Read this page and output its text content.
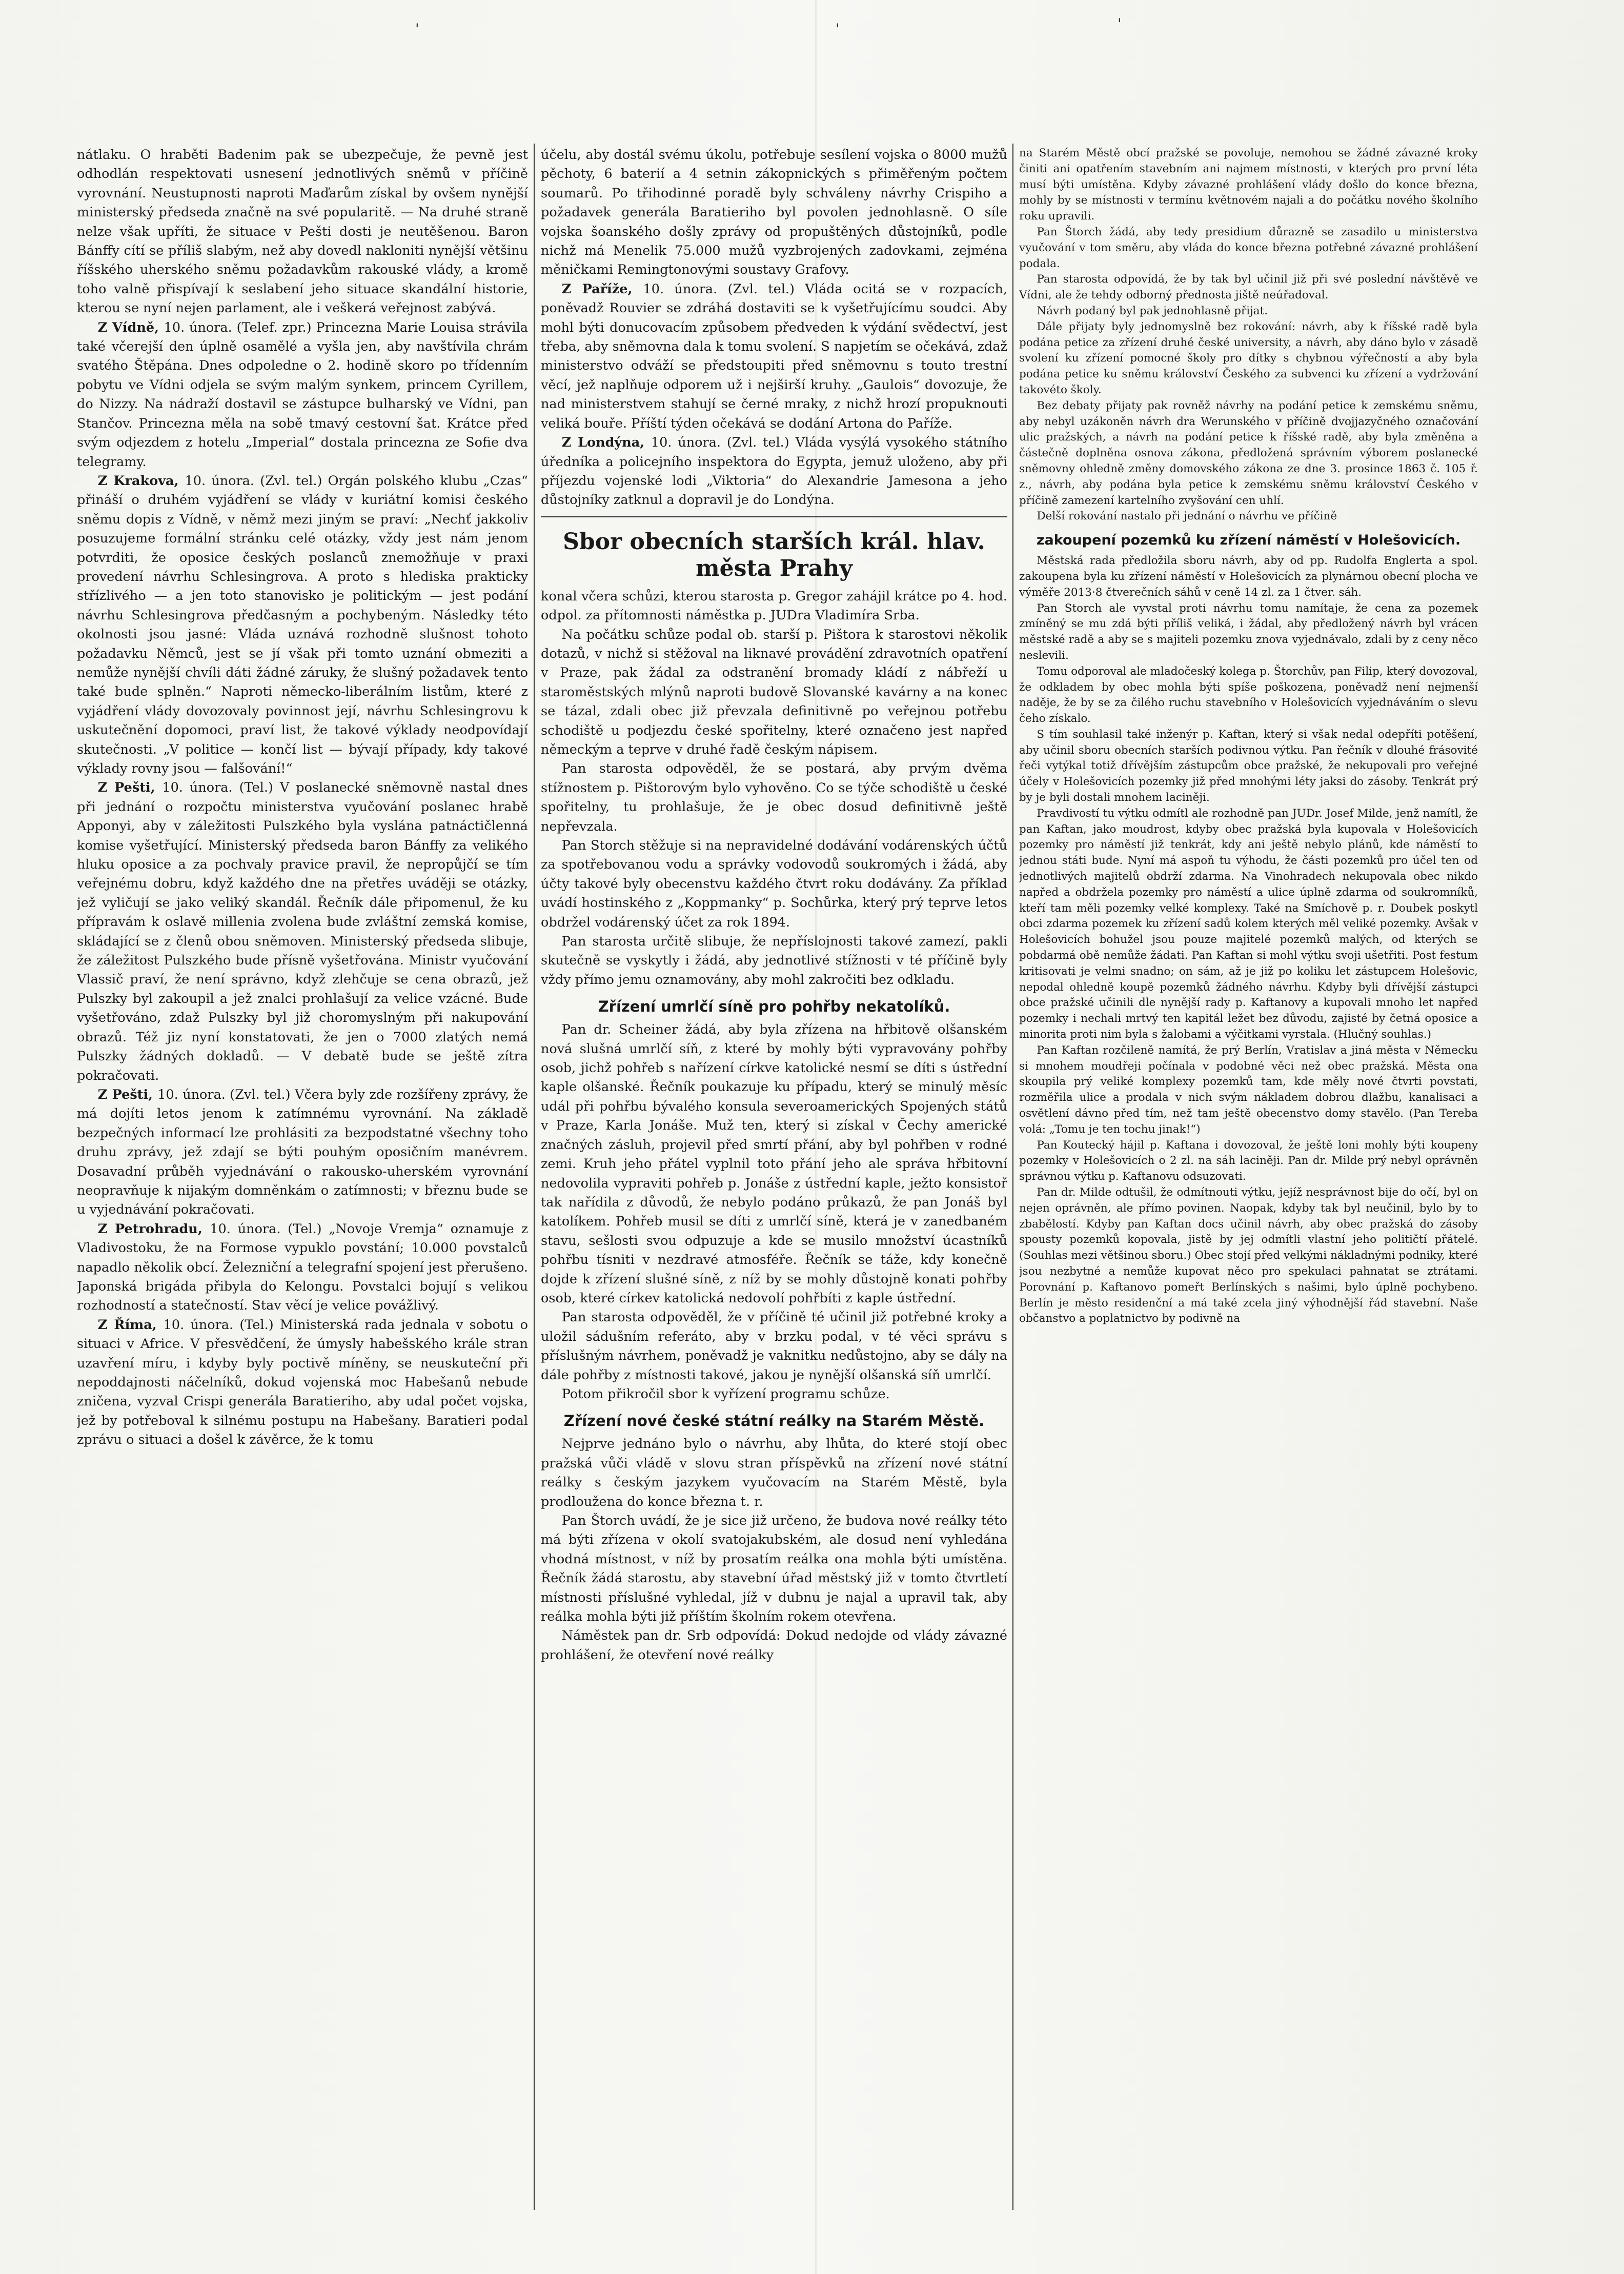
'	'	'

nátlaku. O hraběti Badenim pak se ubezpečuje, že pevně jest odhodlán respektovati usnesení jednotlivých sněmů v příčině vyrovnání. Neustupnosti naproti Maďarům získal by ovšem nynější ministerský předseda značně na své popularitě. — Na druhé straně nelze však upříti, že situace v Pešti dosti je neutěšenou. Baron Bánffy cítí se příliš slabým, než aby dovedl nakloniti nynější většinu říšského uherského sněmu požadavkům rakouské vlády, a kromě toho valně přispívají k seslabení jeho situace skandální historie, kterou se nyní nejen parlament, ale i veškerá veřejnost zabývá.

Z Vídně, 10. února. (Telef. zpr.) Princezna Marie Louisa strávila také včerejší den úplně osamělé a vyšla jen, aby navštívila chrám svatého Štěpána. Dnes odpoledne o 2. hodině skoro po třídenním pobytu ve Vídni odjela se svým malým synkem, princem Cyrillem, do Nizzy. Na nádraží dostavil se zástupce bulharský ve Vídni, pan Stančov. Princezna měla na sobě tmavý cestovní šat. Krátce před svým odjezdem z hotelu „Imperial“ dostala princezna ze Sofie dva telegramy.

Z Krakova, 10. února. (Zvl. tel.) Orgán polského klubu „Czas“ přináší o druhém vyjádření se vlády v kuriátní komisi českého sněmu dopis z Vídně, v němž mezi jiným se praví: „Nechť jakkoliv posuzujeme formální stránku celé otázky, vždy jest nám jenom potvrditi, že oposice českých poslanců znemožňuje v praxi provedení návrhu Schlesingrova. A proto s hlediska prakticky střízlivého — a jen toto stanovisko je politickým — jest podání návrhu Schlesingrova předčasným a pochybeným. Následky této okolnosti jsou jasné: Vláda uznává rozhodně slušnost tohoto požadavku Němců, jest se jí však při tomto uznání obmeziti a nemůže nynější chvíli dáti žádné záruky, že slušný požadavek tento také bude splněn.“ Naproti německo-liberálním listům, které z vyjádření vlády dovozovaly povinnost její, návrhu Schlesingrovu k uskutečnění dopomoci, praví list, že takové výklady neodpovídají skutečnosti. „V politice — končí list — bývají případy, kdy takové výklady rovny jsou — falšování!“

Z Pešti, 10. února. (Tel.) V poslanecké sněmovně nastal dnes při jednání o rozpočtu ministerstva vyučování poslanec hrabě Apponyi, aby v záležitosti Pulszkého byla vyslána patnáctičlenná komise vyšetřující. Ministerský předseda baron Bánffy za velikého hluku oposice a za pochvaly pravice pravil, že nepropůjčí se tím veřejnému dobru, když každého dne na přetřes uváději se otázky, jež vyličují se jako veliký skandál. Řečník dále připomenul, že ku přípravám k oslavě millenia zvolena bude zvláštní zemská komise, skládající se z členů obou sněmoven. Ministerský předseda slibuje, že záležitost Pulszkého bude přísně vyšetřována. Ministr vyučování Vlassič praví, že není správno, když zlehčuje se cena obrazů, jež Pulszky byl zakoupil a jež znalci prohlašují za velice vzácné. Bude vyšetřováno, zdaž Pulszky byl již choromyslným při nakupování obrazů. Též jiz nyní konstatovati, že jen o 7000 zlatých nemá Pulszky žádných dokladů. — V debatě bude se ještě zítra pokračovati.

Z Pešti, 10. února. (Zvl. tel.) Včera byly zde rozšířeny zprávy, že má dojíti letos jenom k zatímnému vyrovnání. Na základě bezpečných informací lze prohlásiti za bezpodstatné všechny toho druhu zprávy, jež zdají se býti pouhým oposičním manévrem. Dosavadní průběh vyjednávání o rakousko-uherském vyrovnání neopravňuje k nijakým domněnkám o zatímnosti; v březnu bude se u vyjednávání pokračovati.

Z Petrohradu, 10. února. (Tel.) „Novoje Vremja“ oznamuje z Vladivostoku, že na Formose vypuklo povstání; 10.000 povstalců napadlo několik obcí. Železniční a telegrafní spojení jest přerušeno. Japonská brigáda přibyla do Kelongu. Povstalci bojují s velikou rozhodností a statečností. Stav věcí je velice povážlivý.

Z Říma, 10. února. (Tel.) Ministerská rada jednala v sobotu o situaci v Africe. V přesvědčení, že úmysly habešského krále stran uzavření míru, i kdyby byly poctivě míněny, se neuskuteční při nepoddajnosti náčelníků, dokud vojenská moc Habešanů nebude zničena, vyzval Crispi generála Baratieriho, aby udal počet vojska, jež by potřeboval k silnému postupu na Habešany. Baratieri podal zprávu o situaci a došel k závěrce, že k tomu

účelu, aby dostál svému úkolu, potřebuje sesílení vojska o 8000 mužů pěchoty, 6 baterií a 4 setnin zákopnických s přiměřeným počtem soumarů. Po třihodinné poradě byly schváleny návrhy Crispiho a požadavek generála Baratieriho byl povolen jednohlasně. O síle vojska šoanského došly zprávy od propuštěných důstojníků, podle nichž má Menelik 75.000 mužů vyzbrojených zadovkami, zejména měničkami Remingtonovými soustavy Grafovy.

Z Paříže, 10. února. (Zvl. tel.) Vláda ocitá se v rozpacích, poněvadž Rouvier se zdráhá dostaviti se k vyšetřujícímu soudci. Aby mohl býti donucovacím způsobem předveden k výdání svědectví, jest třeba, aby sněmovna dala k tomu svolení. S napjetím se očekává, zdaž ministerstvo odváží se předstoupiti před sněmovnu s touto trestní věcí, jež naplňuje odporem už i nejširší kruhy. „Gaulois“ dovozuje, že nad ministerstvem stahují se černé mraky, z nichž hrozí propuknouti veliká bouře. Příští týden očekává se dodání Artona do Paříže.

Z Londýna, 10. února. (Zvl. tel.) Vláda vysýlá vysokého státního úředníka a policejního inspektora do Egypta, jemuž uloženo, aby při příjezdu vojenské lodi „Viktoria“ do Alexandrie Jamesona a jeho důstojníky zatknul a dopravil je do Londýna.

Sbor obecních starších král. hlav. města Prahy

konal včera schůzi, kterou starosta p. Gregor zahájil krátce po 4. hod. odpol. za přítomnosti náměstka p. JUDra Vladimíra Srba.

Na počátku schůze podal ob. starší p. Pištora k starostovi několik dotazů, v nichž si stěžoval na liknavé provádění zdravotních opatření v Praze, pak žádal za odstranění bromady kládí z nábřeží u staroměstských mlýnů naproti budově Slovanské kavárny a na konec se tázal, zdali obec již převzala definitivně po veřejnou potřebu schodiště u podjezdu české spořitelny, které označeno jest napřed německým a teprve v druhé řadě českým nápisem.

Pan starosta odpověděl, že se postará, aby prvým dvěma stížnostem p. Pištorovým bylo vyhověno. Co se týče schodiště u české spořitelny, tu prohlašuje, že je obec dosud definitivně ještě nepřevzala.

Pan Storch stěžuje si na nepravidelné dodávání vodárenských účtů za spotřebovanou vodu a správky vodovodů soukromých i žádá, aby účty takové byly obecenstvu každého čtvrt roku dodávány. Za příklad uvádí hostinského z „Koppmanky“ p. Sochůrka, který prý teprve letos obdržel vodárenský účet za rok 1894.

Pan starosta určitě slibuje, že nepříslojnosti takové zamezí, pakli skutečně se vyskytly i žádá, aby jednotlivé stížnosti v té příčině byly vždy přímo jemu oznamovány, aby mohl zakročiti bez odkladu.

Zřízení umrlčí síně pro pohřby nekatolíků.

Pan dr. Scheiner žádá, aby byla zřízena na hřbitově olšanském nová slušná umrlčí síň, z které by mohly býti vypravovány pohřby osob, jichž pohřeb s nařízení církve katolické nesmí se díti s ústřední kaple olšanské. Řečník poukazuje ku případu, který se minulý měsíc udál při pohřbu bývalého konsula severoamerických Spojených států v Praze, Karla Jonáše. Muž ten, který si získal v Čechy americké značných zásluh, projevil před smrtí přání, aby byl pohřben v rodné zemi. Kruh jeho přátel vyplnil toto přání jeho ale správa hřbitovní nedovolila vypraviti pohřeb p. Jonáše z ústřední kaple, ježto konsistoř tak nařídila z důvodů, že nebylo podáno průkazů, že pan Jonáš byl katolíkem. Pohřeb musil se díti z umrlčí síně, která je v zanedbaném stavu, sešlosti svou odpuzuje a kde se musilo množství úcastníků pohřbu tísniti v nezdravé atmosféře. Řečník se táže, kdy konečně dojde k zřízení slušné síně, z níž by se mohly důstojně konati pohřby osob, které církev katolická nedovolí pohřbíti z kaple ústřední.

Pan starosta odpověděl, že v příčině té učinil již potřebné kroky a uložil sádušním referáto, aby v brzku podal, v té věci správu s příslušným návrhem, poněvadž je vaknitku nedůstojno, aby se dály na dále pohřby z místnosti takové, jakou je nynější olšanská síň umrlčí.

Potom přikročil sbor k vyřízení programu schůze.

Zřízení nové české státní reálky na Starém Městě.

Nejprve jednáno bylo o návrhu, aby lhůta, do které stojí obec pražská vůči vládě v slovu stran příspěvků na zřízení nové státní reálky s českým jazykem vyučovacím na Starém Městě, byla prodloužena do konce března t. r.

Pan Štorch uvádí, že je sice již určeno, že budova nové reálky této má býti zřízena v okolí svatojakubském, ale dosud není vyhledána vhodná místnost, v níž by prosatím reálka ona mohla býti umístěna. Řečník žádá starostu, aby stavební úřad městský již v tomto čtvrtletí místnosti příslušné vyhledal, jíž v dubnu je najal a upravil tak, aby reálka mohla býti již příštím školním rokem otevřena.

Náměstek pan dr. Srb odpovídá: Dokud nedojde od vlády závazné prohlášení, že otevření nové reálky

na Starém Městě obcí pražské se povoluje, nemohou se žádné závazné kroky činiti ani opatřením stavebním ani najmem místnosti, v kterých pro první léta musí býti umístěna. Kdyby závazné prohlášení vlády došlo do konce března, mohly by se místnosti v termínu květnovém najali a do počátku nového školního roku upravili.

Pan Štorch žádá, aby tedy presidium důrazně se zasadilo u ministerstva vyučování v tom směru, aby vláda do konce března potřebné závazné prohlášení podala.

Pan starosta odpovídá, že by tak byl učinil již při své poslední návštěvě ve Vídni, ale že tehdy odborný přednosta jiště neúřadoval.

Návrh podaný byl pak jednohlasně přijat.

Dále přijaty byly jednomyslně bez rokování: návrh, aby k říšské radě byla podána petice za zřízení druhé české university, a návrh, aby dáno bylo v zásadě svolení ku zřízení pomocné školy pro dítky s chybnou výřečností a aby byla podána petice ku sněmu království Českého za subvenci ku zřízení a vydržování takovéto školy.

Bez debaty přijaty pak rovněž návrhy na podání petice k zemskému sněmu, aby nebyl uzákoněn návrh dra Werunského v příčině dvojjazyčného označování ulic pražských, a návrh na podání petice k říšské radě, aby byla změněna a částečně doplněna osnova zákona, předložená správním výborem poslanecké sněmovny ohledně změny domovského zákona ze dne 3. prosince 1863 č. 105 ř. z., návrh, aby podána byla petice k zemskému sněmu království Českého v příčině zamezení kartelního zvyšování cen uhlí.

Delší rokování nastalo při jednání o návrhu ve příčině

zakoupení pozemků ku zřízení náměstí v Holešovicích.

Městská rada předložila sboru návrh, aby od pp. Rudolfa Englerta a spol. zakoupena byla ku zřízení náměstí v Holešovicích za plynárnou obecní plocha ve výměře 2013·8 čtverečních sáhů v ceně 14 zl. za 1 čtver. sáh.

Pan Storch ale vyvstal proti návrhu tomu namítaje, že cena za pozemek zmíněný se mu zdá býti příliš veliká, i žádal, aby předložený návrh byl vrácen městské radě a aby se s majiteli pozemku znova vyjednávalo, zdali by z ceny něco neslevili.

Tomu odporoval ale mladočeský kolega p. Štorchův, pan Filip, který dovozoval, že odkladem by obec mohla býti spíše poškozena, poněvadž není nejmenší naděje, že by se za čilého ruchu stavebního v Holešovicích vyjednáváním o slevu čeho získalo.

S tím souhlasil také inženýr p. Kaftan, který si však nedal odepříti potěšení, aby učinil sboru obecních starších podivnou výtku. Pan řečník v dlouhé frásovité řeči vytýkal totiž dřívějším zástupcům obce pražské, že nekupovali pro veřejné účely v Holešovicích pozemky již před mnohými léty jaksi do zásoby. Tenkrát prý by je byli dostali mnohem laciněji.

Pravdivostí tu výtku odmítl ale rozhodně pan JUDr. Josef Milde, jenž namítl, že pan Kaftan, jako moudrost, kdyby obec pražská byla kupovala v Holešovicích pozemky pro náměstí již tenkrát, kdy ani ještě nebylo plánů, kde náměstí to jednou státi bude. Nyní má aspoň tu výhodu, že části pozemků pro účel ten od jednotlivých majitelů obdrží zdarma. Na Vinohradech nekupovala obec nikdo napřed a obdržela pozemky pro náměstí a ulice úplně zdarma od soukromníků, kteří tam měli pozemky velké komplexy. Také na Smíchově p. r. Doubek poskytl obci zdarma pozemek ku zřízení sadů kolem kterých měl veliké pozemky. Avšak v Holešovicích bohužel jsou pouze majitelé pozemků malých, od kterých se pobdarmá obě nemůže žádati. Pan Kaftan si mohl výtku svoji ušetřiti. Post festum kritisovati je velmi snadno; on sám, až je již po koliku let zástupcem Holešovic, nepodal ohledně koupě pozemků žádného návrhu. Kdyby byli dřívější zástupci obce pražské učinili dle nynější rady p. Kaftanovy a kupovali mnoho let napřed pozemky i nechali mrtvý ten kapitál ležet bez důvodu, zajisté by četná oposice a minorita proti nim byla s žalobami a výčitkami vyrstala. (Hlučný souhlas.)

Pan Kaftan rozčileně namítá, že prý Berlín, Vratislav a jiná města v Německu si mnohem moudřeji počínala v podobné věci než obec pražská. Města ona skoupila prý veliké komplexy pozemků tam, kde měly nové čtvrti povstati, rozměřila ulice a prodala v nich svým nákladem dobrou dlažbu, kanalisaci a osvětlení dávno před tím, než tam ještě obecenstvo domy stavělo. (Pan Tereba volá: „Tomu je ten tochu jinak!“)

Pan Koutecký hájil p. Kaftana i dovozoval, že ještě loni mohly býti koupeny pozemky v Holešovicích o 2 zl. na sáh laciněji. Pan dr. Milde prý nebyl oprávněn správnou výtku p. Kaftanovu odsuzovati.

Pan dr. Milde odtušil, že odmítnouti výtku, jejíž nesprávnost bije do očí, byl on nejen oprávněn, ale přímo povinen. Naopak, kdyby tak byl neučinil, bylo by to zbabělostí. Kdyby pan Kaftan docs učinil návrh, aby obec pražská do zásoby spousty pozemků kopovala, jistě by jej odmítli vlastní jeho političtí přátelé. (Souhlas mezi většinou sboru.) Obec stojí před velkými nákladnými podniky, které jsou nezbytné a nemůže kupovat něco pro spekulaci pahnatat se ztrátami. Porovnání p. Kaftanovo pomeřt Berlínských s našimi, bylo úplně pochybeno. Berlín je město residenční a má také zcela jiný výhodnější řád stavební. Naše občanstvo a poplatnictvo by podivně na
